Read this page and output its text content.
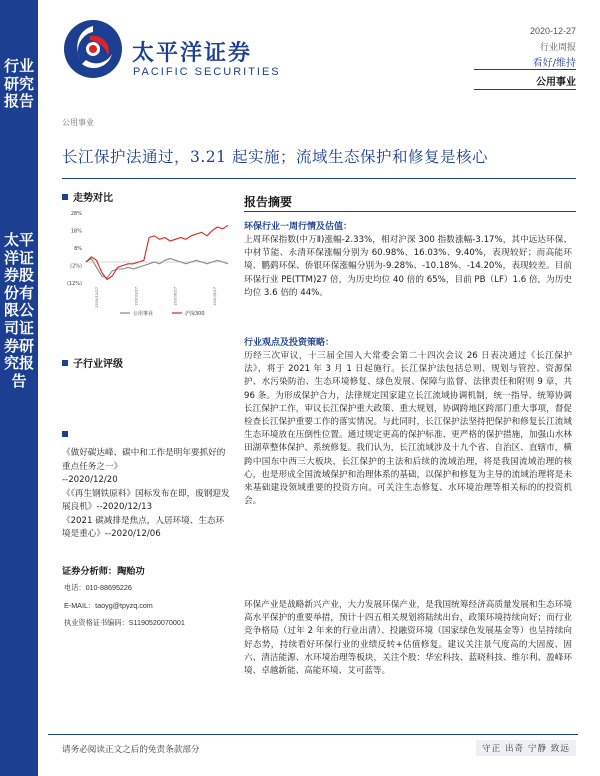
行业研究报告
太平洋证券股份有限公司证券研究报告
太平洋证券
PACIFIC SECURITIES
2020-12-27
行业周报
看好/维持
公用事业
公用事业
长江保护法通过，3.21 起实施；流域生态保护和修复是核心
走势对比
28%
18%
8%
(2%)
(12%)
2019/12/27	2020/3/27	2020/6/27	2020/9/27
公用事业	沪深300
子行业评级
《做好碳达峰、碳中和工作是明年要抓好的重点任务之一》
--2020/12/20
《《再生钢铁原料》国标发布在即，废钢迎发展良机》--2020/12/13
《2021 碳减排是焦点，人居环境、生态环境是重心》--2020/12/06
证券分析师：陶贻功
电话：010-88695226
E-MAIL：taoyg@tpyzq.com
执业资格证书编码：S1190520070001
报告摘要
环保行业一周行情及估值：
上周环保指数(中万Ⅱ)涨幅-2.33%，相对沪深 300 指数涨幅-3.17%，其中远达环保、中材节能、永清环保涨幅分别为 60.98%、16.03%、9.40%，表现较好；而高能环境、鹏鹞环保、侨银环保涨幅分别为-9.28%、-10.18%、-14.20%，表现较差。目前环保行业 PE(TTM)27 倍，为历史均位 40 倍的 65%，目前 PB（LF）1.6 倍，为历史均位 3.6 倍的 44%。
行业观点及投资策略：
历经三次审议，十三届全国人大常委会第二十四次会议 26 日表决通过《长江保护法》，将于 2021 年 3 月 1 日起施行。长江保护法包括总则、规划与管控、资源保护、水污染防治、生态环境修复、绿色发展、保障与监督、法律责任和附则 9 章，共 96 条。为形成保护合力，法律规定国家建立长江流域协调机制，统一指导、统筹协调长江保护工作，审议长江保护重大政策、重大规划，协调跨地区跨部门重大事项，督促检查长江保护重要工作的落实情况。与此同时，长江保护法坚持把保护和修复长江流域生态环境放在压倒性位置。通过规定更高的保护标准、更严格的保护措施，加强山水林田湖草整体保护、系统修复。我们认为，长江流域涉及十九个省、自治区、直辖市，横跨中国东中西三大板块，长江保护的主法和后续的流域治理，将是我国流域治理的核心，也是形成全国流域保护和治理体系的基础，以保护和修复为主导的流域治理将是未来基础建设领域重要的投资方向。可关注生态修复、水环境治理等相关标的的投资机会。
环保产业是战略新兴产业，大力发展环保产业，是我国统筹经济高质量发展和生态环境高水平保护的重要举措，预计十四五相关规划将陆续出台，政策环境持续向好；而行业竞争格局（过年 2 年来的行业出清）、投融资环境（国家绿色发展基金等）也呈持续向好态势，持续看好环保行业的业绩反转+估值修复。建议关注景气度高的大固废、固六、清洁能源、水环境治理等板块，关注个股：华宏科技、蓝晓科技、维尔利、盈峰环境、卓越新能、高能环境、艾可蓝等。
请务必阅读正文之后的免责条款部分	守正 出奇 宁静 致远
